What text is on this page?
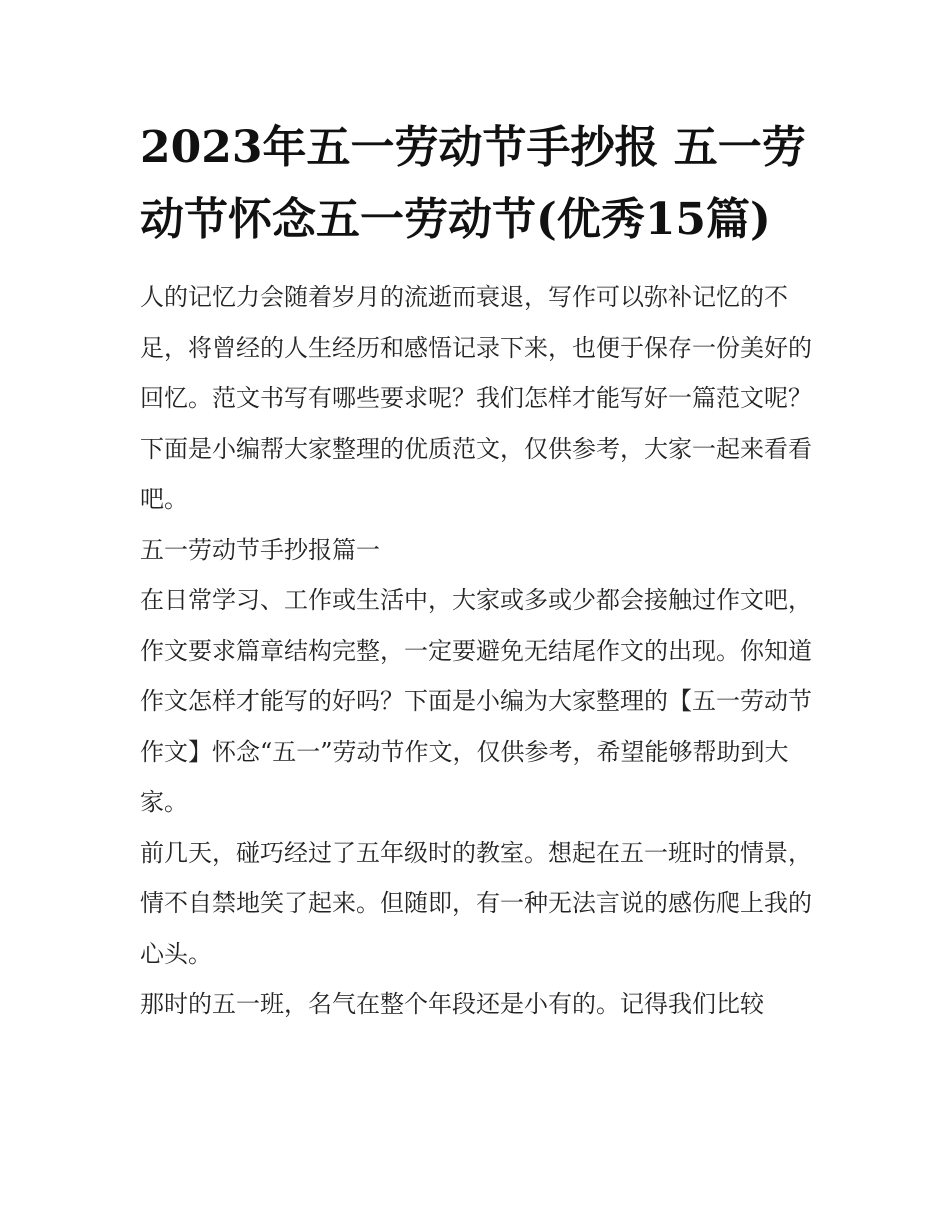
2023年五一劳动节手抄报 五一劳动节怀念五一劳动节(优秀15篇)

人的记忆力会随着岁月的流逝而衰退，写作可以弥补记忆的不足，将曾经的人生经历和感悟记录下来，也便于保存一份美好的回忆。范文书写有哪些要求呢？我们怎样才能写好一篇范文呢？下面是小编帮大家整理的优质范文，仅供参考，大家一起来看看吧。

五一劳动节手抄报篇一

在日常学习、工作或生活中，大家或多或少都会接触过作文吧，作文要求篇章结构完整，一定要避免无结尾作文的出现。你知道作文怎样才能写的好吗？下面是小编为大家整理的【五一劳动节作文】怀念“五一”劳动节作文，仅供参考，希望能够帮助到大家。

前几天，碰巧经过了五年级时的教室。想起在五一班时的情景，情不自禁地笑了起来。但随即，有一种无法言说的感伤爬上我的心头。

那时的五一班，名气在整个年段还是小有的。记得我们比较
